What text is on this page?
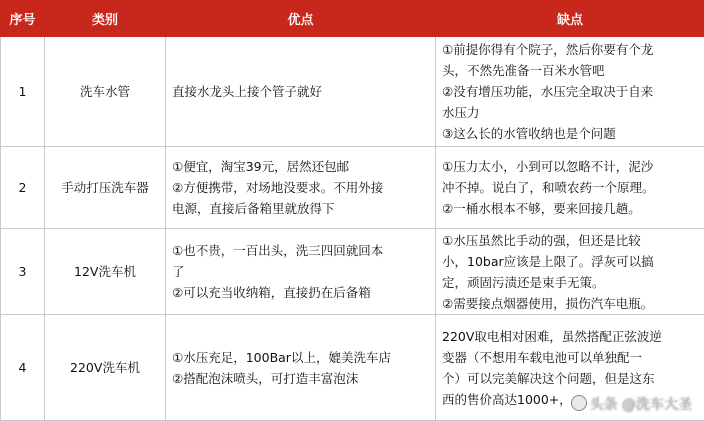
序号	类别	优点	缺点
1	洗车水管	直接水龙头上接个管子就好	①前提你得有个院子，然后你要有个龙
头，不然先准备一百米水管吧
②没有增压功能，水压完全取决于自来
水压力
③这么长的水管收纳也是个问题

2	手动打压洗车器	①便宜，淘宝39元，居然还包邮
②方便携带，对场地没要求。不用外接
电源，直接后备箱里就放得下	①压力太小，小到可以忽略不计，泥沙
冲不掉。说白了，和喷农药一个原理。
②一桶水根本不够，要来回接几趟。

3	12V洗车机	①也不贵，一百出头，洗三四回就回本
了
②可以充当收纳箱，直接扔在后备箱	①水压虽然比手动的强，但还是比较
小，10bar应该是上限了。浮灰可以搞
定，顽固污渍还是束手无策。
②需要接点烟器使用，损伤汽车电瓶。

4	220V洗车机	①水压充足，100Bar以上，媲美洗车店
②搭配泡沫喷头，可打造丰富泡沫	220V取电相对困难，虽然搭配正弦波逆
变器（不想用车载电池可以单独配一
个）可以完美解决这个问题，但是这东
西的售价高达1000+，	头条 @洗车大圣
